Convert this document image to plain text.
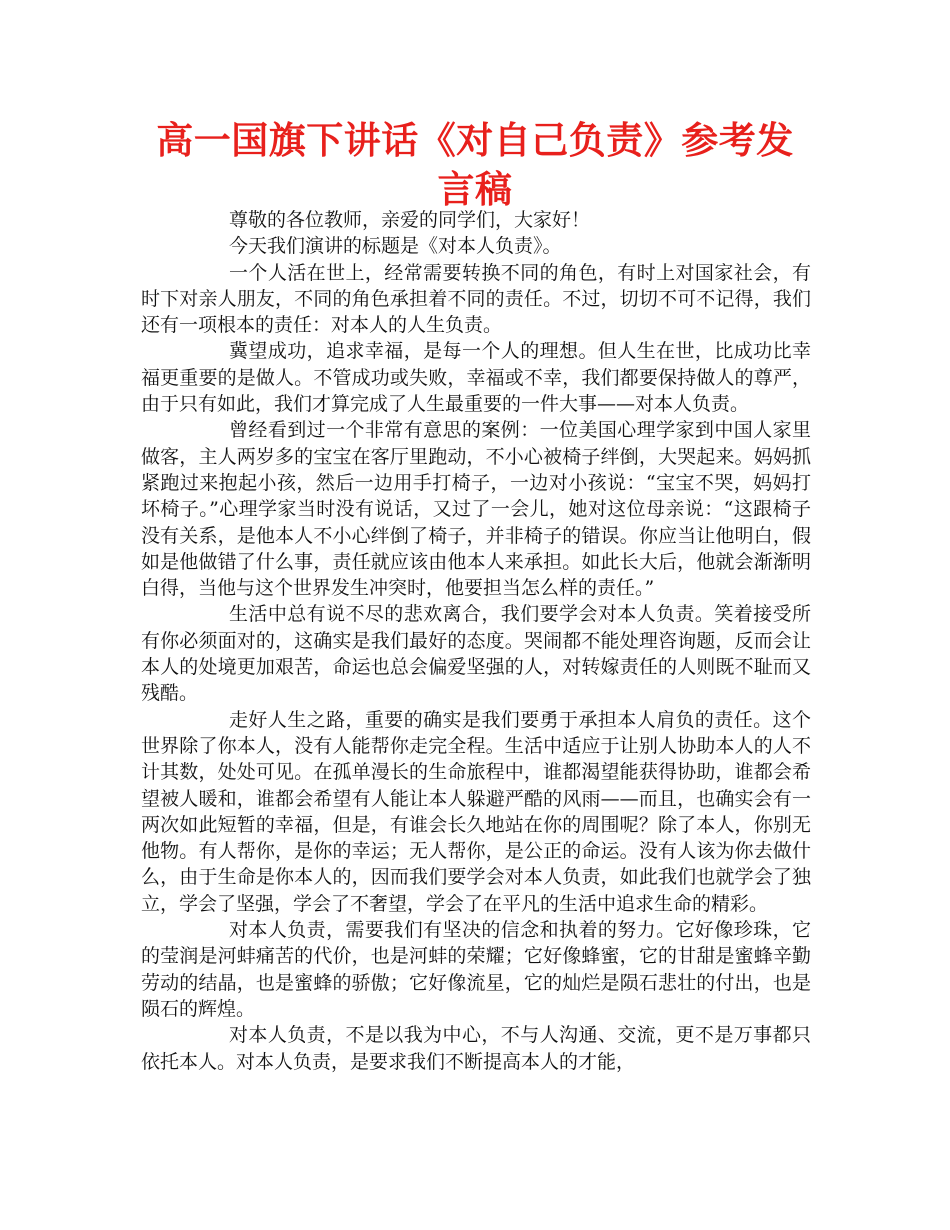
高一国旗下讲话《对自己负责》参考发言稿

尊敬的各位教师，亲爱的同学们，大家好！

今天我们演讲的标题是《对本人负责》。

一个人活在世上，经常需要转换不同的角色，有时上对国家社会，有时下对亲人朋友，不同的角色承担着不同的责任。不过，切切不可不记得，我们还有一项根本的责任：对本人的人生负责。

冀望成功，追求幸福，是每一个人的理想。但人生在世，比成功比幸福更重要的是做人。不管成功或失败，幸福或不幸，我们都要保持做人的尊严，由于只有如此，我们才算完成了人生最重要的一件大事——对本人负责。

曾经看到过一个非常有意思的案例：一位美国心理学家到中国人家里做客，主人两岁多的宝宝在客厅里跑动，不小心被椅子绊倒，大哭起来。妈妈抓紧跑过来抱起小孩，然后一边用手打椅子，一边对小孩说：“宝宝不哭，妈妈打坏椅子。”心理学家当时没有说话，又过了一会儿，她对这位母亲说：“这跟椅子没有关系，是他本人不小心绊倒了椅子，并非椅子的错误。你应当让他明白，假如是他做错了什么事，责任就应该由他本人来承担。如此长大后，他就会渐渐明白得，当他与这个世界发生冲突时，他要担当怎么样的责任。”

生活中总有说不尽的悲欢离合，我们要学会对本人负责。笑着接受所有你必须面对的，这确实是我们最好的态度。哭闹都不能处理咨询题，反而会让本人的处境更加艰苦，命运也总会偏爱坚强的人，对转嫁责任的人则既不耻而又残酷。

走好人生之路，重要的确实是我们要勇于承担本人肩负的责任。这个世界除了你本人，没有人能帮你走完全程。生活中适应于让别人协助本人的人不计其数，处处可见。在孤单漫长的生命旅程中，谁都渴望能获得协助，谁都会希望被人暖和，谁都会希望有人能让本人躲避严酷的风雨——而且，也确实会有一两次如此短暂的幸福，但是，有谁会长久地站在你的周围呢？除了本人，你别无他物。有人帮你，是你的幸运；无人帮你，是公正的命运。没有人该为你去做什么，由于生命是你本人的，因而我们要学会对本人负责，如此我们也就学会了独立，学会了坚强，学会了不奢望，学会了在平凡的生活中追求生命的精彩。

对本人负责，需要我们有坚决的信念和执着的努力。它好像珍珠，它的莹润是河蚌痛苦的代价，也是河蚌的荣耀；它好像蜂蜜，它的甘甜是蜜蜂辛勤劳动的结晶，也是蜜蜂的骄傲；它好像流星，它的灿烂是陨石悲壮的付出，也是陨石的辉煌。

对本人负责，不是以我为中心，不与人沟通、交流，更不是万事都只依托本人。对本人负责，是要求我们不断提高本人的才能，
